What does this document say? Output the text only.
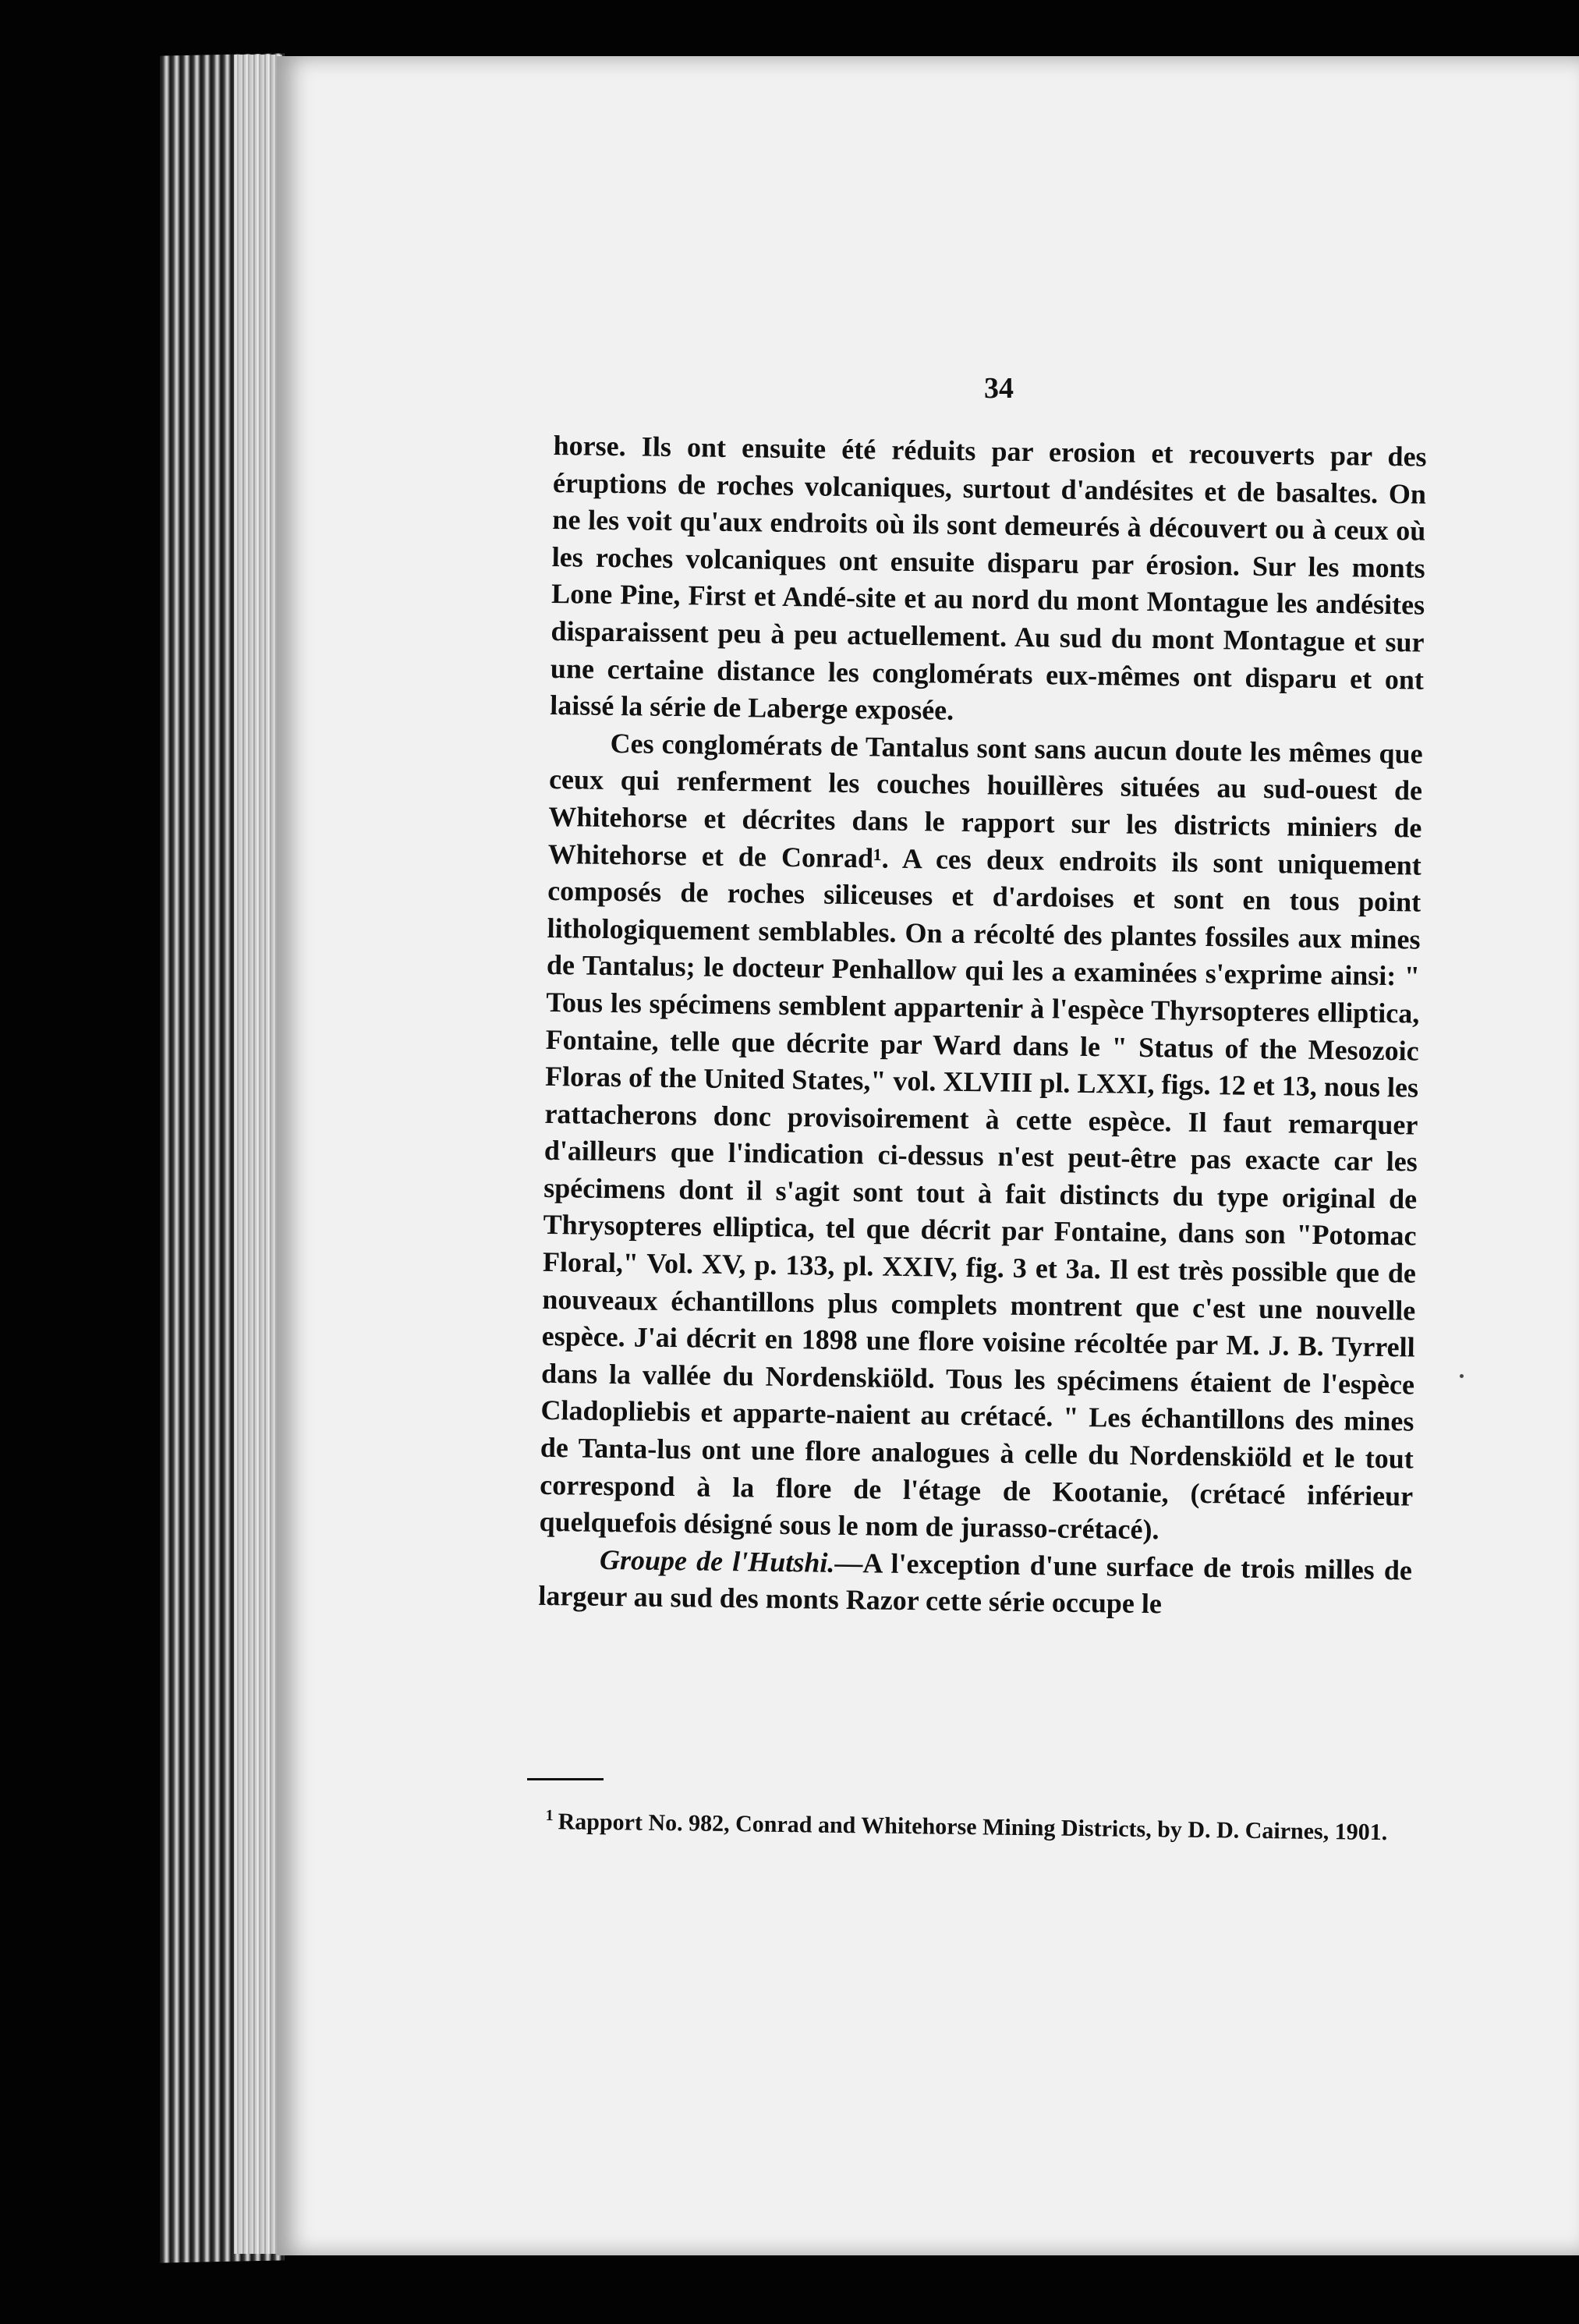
34

horse. Ils ont ensuite été réduits par erosion et recouverts par des éruptions de roches volcaniques, surtout d'andésites et de basaltes. On ne les voit qu'aux endroits où ils sont demeurés à découvert ou à ceux où les roches volcaniques ont ensuite disparu par érosion. Sur les monts Lone Pine, First et Andé-site et au nord du mont Montague les andésites disparaissent peu à peu actuellement. Au sud du mont Montague et sur une certaine distance les conglomérats eux-mêmes ont disparu et ont laissé la série de Laberge exposée.

Ces conglomérats de Tantalus sont sans aucun doute les mêmes que ceux qui renferment les couches houillères situées au sud-ouest de Whitehorse et décrites dans le rapport sur les districts miniers de Whitehorse et de Conrad¹. A ces deux endroits ils sont uniquement composés de roches siliceuses et d'ardoises et sont en tous point lithologiquement semblables. On a récolté des plantes fossiles aux mines de Tantalus; le docteur Penhallow qui les a examinées s'exprime ainsi: " Tous les spécimens semblent appartenir à l'espèce Thyrsopteres elliptica, Fontaine, telle que décrite par Ward dans le " Status of the Mesozoic Floras of the United States," vol. XLVIII pl. LXXI, figs. 12 et 13, nous les rattacherons donc provisoirement à cette espèce. Il faut remarquer d'ailleurs que l'indication ci-dessus n'est peut-être pas exacte car les spécimens dont il s'agit sont tout à fait distincts du type original de Thrysopteres elliptica, tel que décrit par Fontaine, dans son "Potomac Floral," Vol. XV, p. 133, pl. XXIV, fig. 3 et 3a. Il est très possible que de nouveaux échantillons plus complets montrent que c'est une nouvelle espèce. J'ai décrit en 1898 une flore voisine récoltée par M. J. B. Tyrrell dans la vallée du Nordenskiöld. Tous les spécimens étaient de l'espèce Cladopliebis et apparte-naient au crétacé. " Les échantillons des mines de Tanta-lus ont une flore analogues à celle du Nordenskiöld et le tout correspond à la flore de l'étage de Kootanie, (crétacé inférieur quelquefois désigné sous le nom de jurasso-crétacé).

Groupe de l'Hutshi.—A l'exception d'une surface de trois milles de largeur au sud des monts Razor cette série occupe le

$^1$ Rapport No. 982, Conrad and Whitehorse Mining Districts, by D. D. Cairnes, 1901.
